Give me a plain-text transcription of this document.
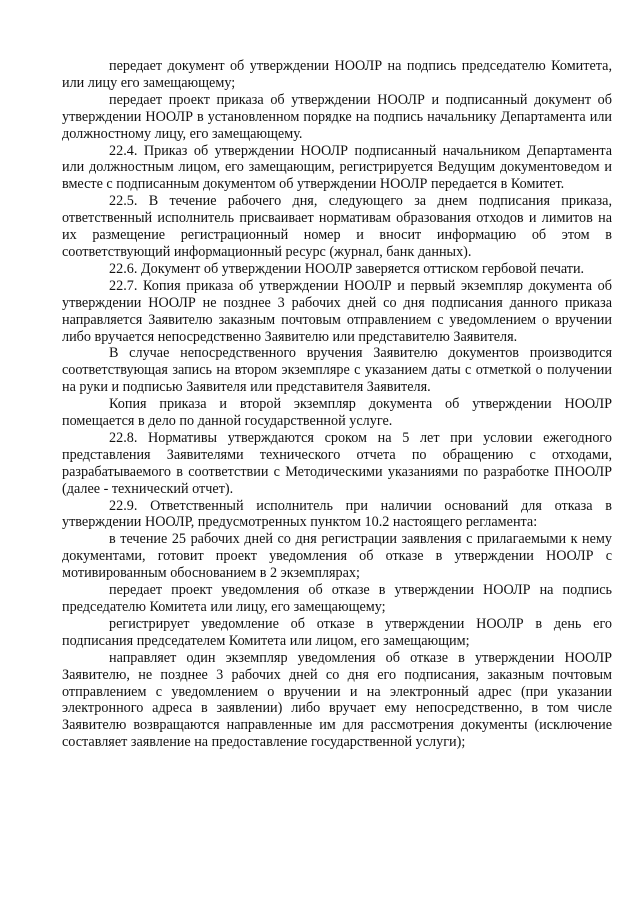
передает документ об утверждении НООЛР на подпись председателю Комитета, или лицу его замещающему;

передает проект приказа об утверждении НООЛР и подписанный документ об утверждении НООЛР в установленном порядке на подпись начальнику Департамента или должностному лицу, его замещающему.

22.4. Приказ об утверждении НООЛР подписанный начальником Департамента или должностным лицом, его замещающим, регистрируется Ведущим документоведом и вместе с подписанным документом об утверждении НООЛР передается в Комитет.

22.5. В течение рабочего дня, следующего за днем подписания приказа, ответственный исполнитель присваивает нормативам образования отходов и лимитов на их размещение регистрационный номер и вносит информацию об этом в соответствующий информационный ресурс (журнал, банк данных).

22.6. Документ об утверждении НООЛР заверяется оттиском гербовой печати.

22.7. Копия приказа об утверждении НООЛР и первый экземпляр документа об утверждении НООЛР не позднее 3 рабочих дней со дня подписания данного приказа направляется Заявителю заказным почтовым отправлением с уведомлением о вручении либо вручается непосредственно Заявителю или представителю Заявителя.

В случае непосредственного вручения Заявителю документов производится соответствующая запись на втором экземпляре с указанием даты с отметкой о получении на руки и подписью Заявителя или представителя Заявителя.

Копия приказа и второй экземпляр документа об утверждении НООЛР помещается в дело по данной государственной услуге.

22.8. Нормативы утверждаются сроком на 5 лет при условии ежегодного представления Заявителями технического отчета по обращению с отходами, разрабатываемого в соответствии с Методическими указаниями по разработке ПНООЛР (далее - технический отчет).

22.9. Ответственный исполнитель при наличии оснований для отказа в утверждении НООЛР, предусмотренных пунктом 10.2 настоящего регламента:

в течение 25 рабочих дней со дня регистрации заявления с прилагаемыми к нему документами, готовит проект уведомления об отказе в утверждении НООЛР с мотивированным обоснованием в 2 экземплярах;

передает проект уведомления об отказе в утверждении НООЛР на подпись председателю Комитета или лицу, его замещающему;

регистрирует уведомление об отказе в утверждении НООЛР в день его подписания председателем Комитета или лицом, его замещающим;

направляет один экземпляр уведомления об отказе в утверждении НООЛР Заявителю, не позднее 3 рабочих дней со дня его подписания, заказным почтовым отправлением с уведомлением о вручении и на электронный адрес (при указании электронного адреса в заявлении) либо вручает ему непосредственно, в том числе Заявителю возвращаются направленные им для рассмотрения документы (исключение составляет заявление на предоставление государственной услуги);
